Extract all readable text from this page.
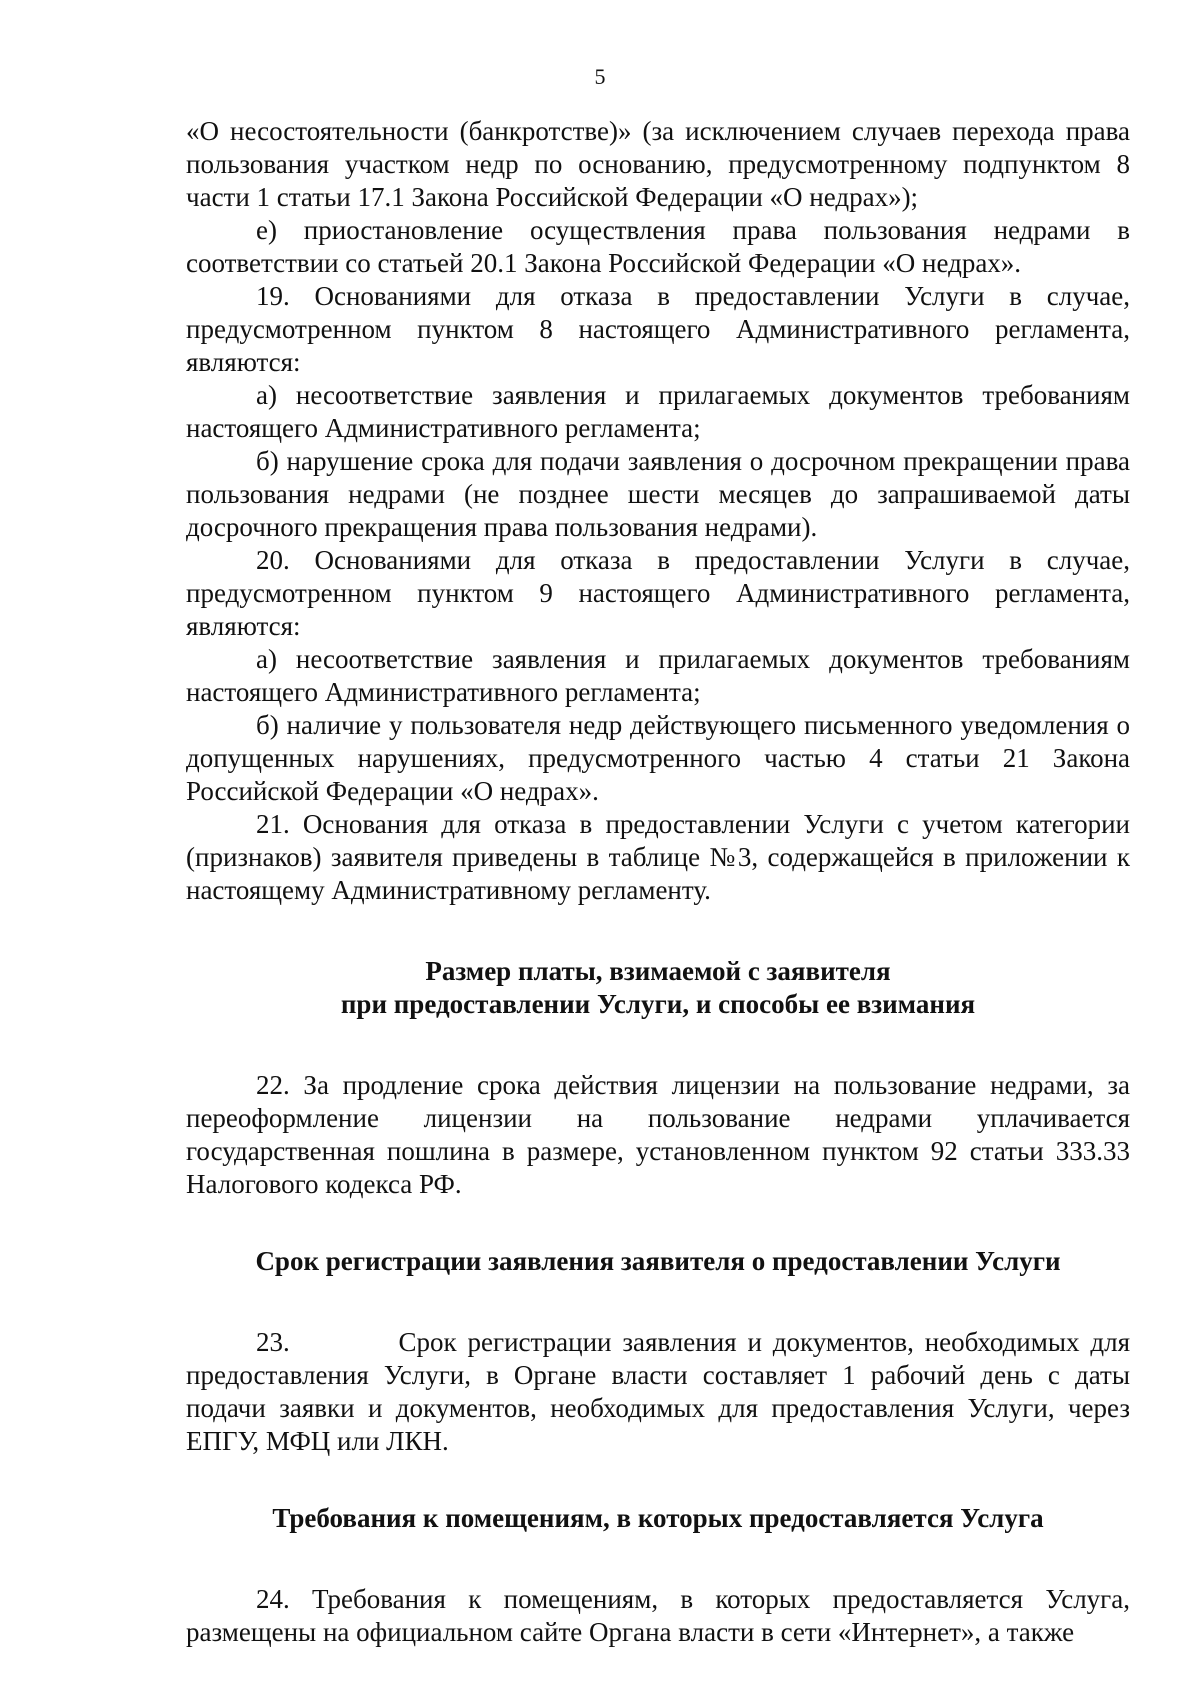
5

«О несостоятельности (банкротстве)» (за исключением случаев перехода права пользования участком недр по основанию, предусмотренному подпунктом 8 части 1 статьи 17.1 Закона Российской Федерации «О недрах»);

е) приостановление осуществления права пользования недрами в соответствии со статьей 20.1 Закона Российской Федерации «О недрах».

19. Основаниями для отказа в предоставлении Услуги в случае, предусмотренном пунктом 8 настоящего Административного регламента, являются:

а) несоответствие заявления и прилагаемых документов требованиям настоящего Административного регламента;

б) нарушение срока для подачи заявления о досрочном прекращении права пользования недрами (не позднее шести месяцев до запрашиваемой даты досрочного прекращения права пользования недрами).

20. Основаниями для отказа в предоставлении Услуги в случае, предусмотренном пунктом 9 настоящего Административного регламента, являются:

а) несоответствие заявления и прилагаемых документов требованиям настоящего Административного регламента;

б) наличие у пользователя недр действующего письменного уведомления о допущенных нарушениях, предусмотренного частью 4 статьи 21 Закона Российской Федерации «О недрах».

21. Основания для отказа в предоставлении Услуги с учетом категории (признаков) заявителя приведены в таблице №3, содержащейся в приложении к настоящему Административному регламенту.

Размер платы, взимаемой с заявителя

при предоставлении Услуги, и способы ее взимания

22. За продление срока действия лицензии на пользование недрами, за переоформление лицензии на пользование недрами уплачивается государственная пошлина в размере, установленном пунктом 92 статьи 333.33 Налогового кодекса РФ.

Срок регистрации заявления заявителя о предоставлении Услуги

23.          Срок регистрации заявления и документов, необходимых для предоставления Услуги, в Органе власти составляет 1 рабочий день с даты подачи заявки и документов, необходимых для предоставления Услуги, через ЕПГУ, МФЦ или ЛКН.

Требования к помещениям, в которых предоставляется Услуга

24. Требования к помещениям, в которых предоставляется Услуга, размещены на официальном сайте Органа власти в сети «Интернет», а также
